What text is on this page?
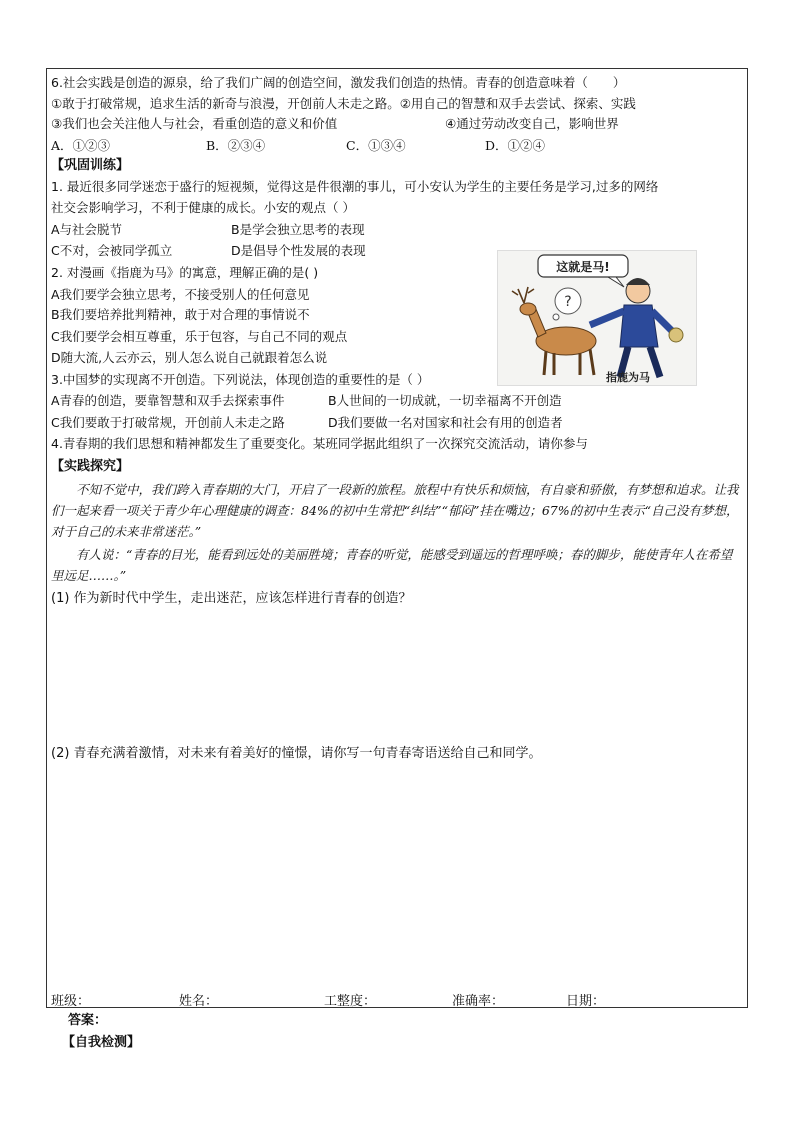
6.社会实践是创造的源泉，给了我们广阔的创造空间，激发我们创造的热情。青春的创造意味着（　　）
①敢于打破常规，追求生活的新奇与浪漫，开创前人未走之路。②用自己的智慧和双手去尝试、探索、实践
③我们也会关注他人与社会，看重创造的意义和价值	④通过劳动改变自己，影响世界
A．①②③	B．②③④	C．①③④	D．①②④
【巩固训练】
1. 最近很多同学迷恋于盛行的短视频，觉得这是件很潮的事儿，可小安认为学生的主要任务是学习,过多的网络
社交会影响学习，不利于健康的成长。小安的观点（ ）
A与社会脱节	B是学会独立思考的表现
C不对，会被同学孤立	D是倡导个性发展的表现
2. 对漫画《指鹿为马》的寓意，理解正确的是( )
A我们要学会独立思考，不接受别人的任何意见
B我们要培养批判精神，敢于对合理的事情说不
C我们要学会相互尊重，乐于包容，与自己不同的观点
D随大流,人云亦云，别人怎么说自己就跟着怎么说
3.中国梦的实现离不开创造。下列说法，体现创造的重要性的是（ ）
A青春的创造，要靠智慧和双手去探索事件	B人世间的一切成就，一切幸福离不开创造
C我们要敢于打破常规，开创前人未走之路	D我们要做一名对国家和社会有用的创造者
4.青春期的我们思想和精神都发生了重要变化。某班同学据此组织了一次探究交流活动，请你参与
这就是马!
?
指鹿为马
【实践探究】
不知不觉中，我们跨入青春期的大门，开启了一段新的旅程。旅程中有快乐和烦恼，有自豪和骄傲，有梦想和追求。让我们一起来看一项关于青少年心理健康的调查：84%的初中生常把“纠结”“郁闷”挂在嘴边；67%的初中生表示“自己没有梦想，对于自己的未来非常迷茫。”
有人说：“青春的目光，能看到远处的美丽胜境；青春的听觉，能感受到遥远的哲理呼唤；春的脚步，能使青年人在希望里远足……。”
(1) 作为新时代中学生，走出迷茫，应该怎样进行青春的创造？
(2) 青春充满着激情，对未来有着美好的憧憬，请你写一句青春寄语送给自己和同学。
班级：	姓名：	工整度：	准确率：	日期：
答案：
【自我检测】
